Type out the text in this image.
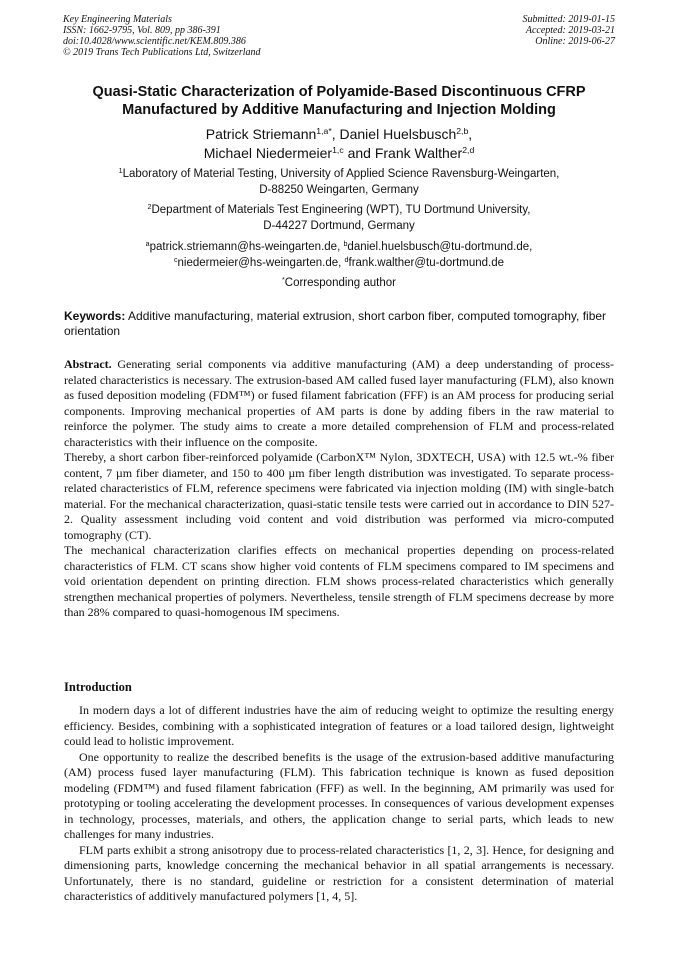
Key Engineering Materials
ISSN: 1662-9795, Vol. 809, pp 386-391
doi:10.4028/www.scientific.net/KEM.809.386
© 2019 Trans Tech Publications Ltd, Switzerland
Submitted: 2019-01-15
Accepted: 2019-03-21
Online: 2019-06-27
Quasi-Static Characterization of Polyamide-Based Discontinuous CFRP
Manufactured by Additive Manufacturing and Injection Molding
Patrick Striemann$^{1,a*}$, Daniel Huelsbusch$^{2,b}$,
Michael Niedermeier$^{1,c}$ and Frank Walther$^{2,d}$
$^1$Laboratory of Material Testing, University of Applied Science Ravensburg-Weingarten,
D-88250 Weingarten, Germany
$^2$Department of Materials Test Engineering (WPT), TU Dortmund University,
D-44227 Dortmund, Germany
$^a$patrick.striemann@hs-weingarten.de, $^b$daniel.huelsbusch@tu-dortmund.de,
$^c$niedermeier@hs-weingarten.de, $^d$frank.walther@tu-dortmund.de
*Corresponding author
Keywords: Additive manufacturing, material extrusion, short carbon fiber, computed tomography, fiber orientation

Abstract. Generating serial components via additive manufacturing (AM) a deep understanding of process-related characteristics is necessary. The extrusion-based AM called fused layer manufacturing (FLM), also known as fused deposition modeling (FDM™) or fused filament fabrication (FFF) is an AM process for producing serial components. Improving mechanical properties of AM parts is done by adding fibers in the raw material to reinforce the polymer. The study aims to create a more detailed comprehension of FLM and process-related characteristics with their influence on the composite.

Thereby, a short carbon fiber-reinforced polyamide (CarbonX™ Nylon, 3DXTECH, USA) with 12.5 wt.-% fiber content, 7 µm fiber diameter, and 150 to 400 µm fiber length distribution was investigated. To separate process-related characteristics of FLM, reference specimens were fabricated via injection molding (IM) with single-batch material. For the mechanical characterization, quasi-static tensile tests were carried out in accordance to DIN 527-2. Quality assessment including void content and void distribution was performed via micro-computed tomography (CT).

The mechanical characterization clarifies effects on mechanical properties depending on process-related characteristics of FLM. CT scans show higher void contents of FLM specimens compared to IM specimens and void orientation dependent on printing direction. FLM shows process-related characteristics which generally strengthen mechanical properties of polymers. Nevertheless, tensile strength of FLM specimens decrease by more than 28% compared to quasi-homogenous IM specimens.

Introduction

In modern days a lot of different industries have the aim of reducing weight to optimize the resulting energy efficiency. Besides, combining with a sophisticated integration of features or a load tailored design, lightweight could lead to holistic improvement.

One opportunity to realize the described benefits is the usage of the extrusion-based additive manufacturing (AM) process fused layer manufacturing (FLM). This fabrication technique is known as fused deposition modeling (FDM™) and fused filament fabrication (FFF) as well. In the beginning, AM primarily was used for prototyping or tooling accelerating the development processes. In consequences of various development expenses in technology, processes, materials, and others, the application change to serial parts, which leads to new challenges for many industries.

FLM parts exhibit a strong anisotropy due to process-related characteristics [1, 2, 3]. Hence, for designing and dimensioning parts, knowledge concerning the mechanical behavior in all spatial arrangements is necessary. Unfortunately, there is no standard, guideline or restriction for a consistent determination of material characteristics of additively manufactured polymers [1, 4, 5].
